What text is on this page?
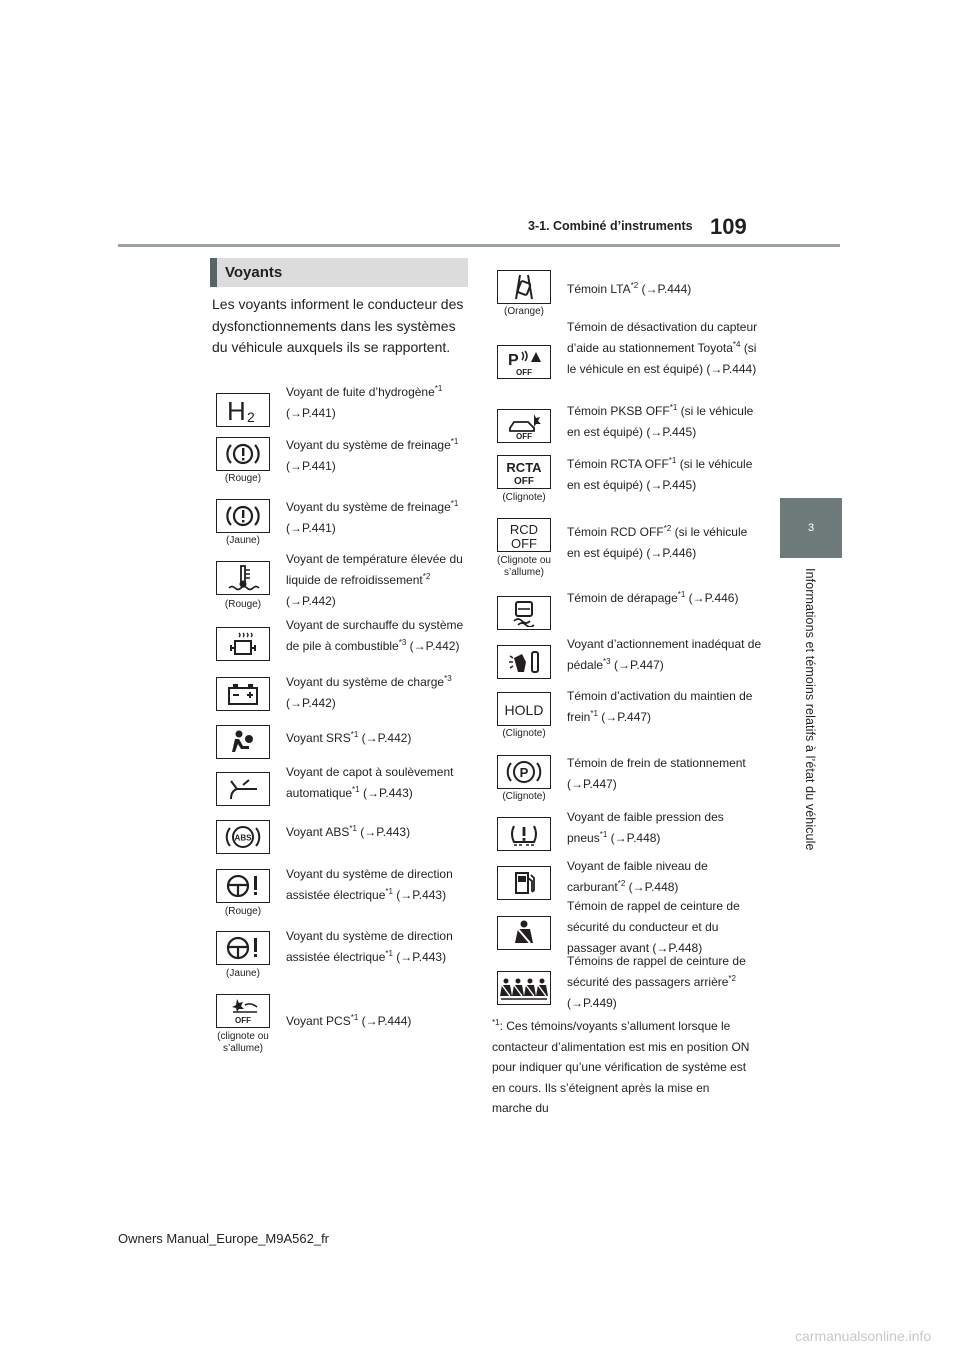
3-1. Combiné d’instruments 109
3
Informations et témoins relatifs à l’état du véhicule
Voyants
Les voyants informent le conducteur des dysfonctionnements dans les systèmes du véhicule auxquels ils se rapportent.
H 2
Voyant de fuite d’hydrogène$^{*1}$ (→P.441)
(Rouge)
Voyant du système de freinage$^{*1}$ (→P.441)
(Jaune)
Voyant du système de freinage$^{*1}$ (→P.441)
(Rouge)
Voyant de température élevée du liquide de refroidissement$^{*2}$ (→P.442)
Voyant de surchauffe du système de pile à combustible$^{*3}$ (→P.442)
Voyant du système de charge$^{*3}$ (→P.442)
Voyant SRS$^{*1}$ (→P.442)
Voyant de capot à soulèvement automatique$^{*1}$ (→P.443)
ABS	Voyant ABS$^{*1}$ (→P.443)
(Rouge)
Voyant du système de direction assistée électrique$^{*1}$ (→P.443)
(Jaune)
Voyant du système de direction assistée électrique$^{*1}$ (→P.443)
OFF
(clignote ou s’allume)
Voyant PCS$^{*1}$ (→P.444)
(Orange)
Témoin LTA$^{*2}$ (→P.444)
P
OFF
Témoin de désactivation du capteur d’aide au stationnement Toyota$^{*4}$ (si le véhicule en est équipé) (→P.444)
OFF
Témoin PKSB OFF$^{*1}$ (si le véhicule en est équipé) (→P.445)
RCTA
OFF
(Clignote)
Témoin RCTA OFF$^{*1}$ (si le véhicule en est équipé) (→P.445)
RCD
OFF
(Clignote ou s’allume)
Témoin RCD OFF$^{*2}$ (si le véhicule en est équipé) (→P.446)
Témoin de dérapage$^{*1}$ (→P.446)
Voyant d’actionnement inadéquat de pédale$^{*3}$ (→P.447)
HOLD
(Clignote)
Témoin d’activation du maintien de frein$^{*1}$ (→P.447)
P
(Clignote)
Témoin de frein de stationnement (→P.447)
Voyant de faible pression des pneus$^{*1}$ (→P.448)
Voyant de faible niveau de carburant$^{*2}$ (→P.448)
Témoin de rappel de ceinture de sécurité du conducteur et du passager avant (→P.448)
Témoins de rappel de ceinture de sécurité des passagers arrière$^{*2}$ (→P.449)
$^{*1}$: Ces témoins/voyants s’allument lorsque le contacteur d’alimentation est mis en position ON pour indiquer qu’une vérification de système est en cours. Ils s’éteignent après la mise en marche du
Owners Manual_Europe_M9A562_fr
carmanualsonline.info
